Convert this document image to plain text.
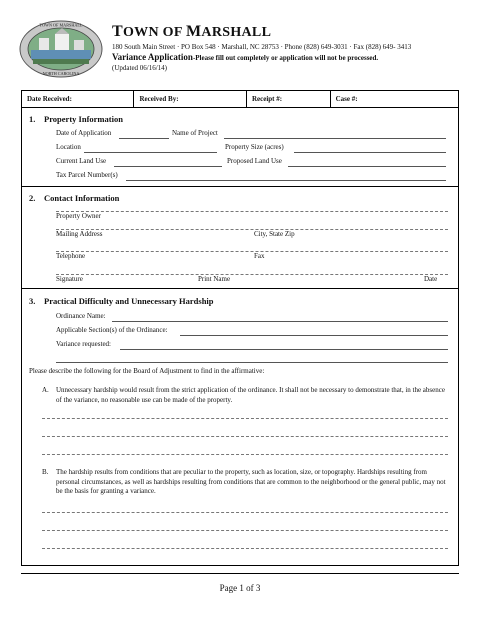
TOWN OF MARSHALL
NORTH CAROLINA
TOWN OF MARSHALL
180 South Main Street · PO Box 548 · Marshall, NC 28753 · Phone (828) 649-3031 · Fax (828) 649- 3413
Variance Application-Please fill out completely or application will not be processed.
(Updated 06/16/14)
Date Received:	Received By:	Receipt #:	Case #:
1. Property Information
Date of Application	Name of Project
Location	Property Size (acres)
Current Land Use	Proposed Land Use
Tax Parcel Number(s)
2. Contact Information
Property Owner
Mailing Address	City, State Zip
Telephone	Fax
Signature	Print Name	Date
3. Practical Difficulty and Unnecessary Hardship
Ordinance Name:
Applicable Section(s) of the Ordinance:
Variance requested:
Please describe the following for the Board of Adjustment to find in the affirmative:
A. Unnecessary hardship would result from the strict application of the ordinance. It shall not be necessary to demonstrate that, in the absence of the variance, no reasonable use can be made of the property.
B. The hardship results from conditions that are peculiar to the property, such as location, size, or topography. Hardships resulting from personal circumstances, as well as hardships resulting from conditions that are common to the neighborhood or the general public, may not be the basis for granting a variance.
Page 1 of 3
